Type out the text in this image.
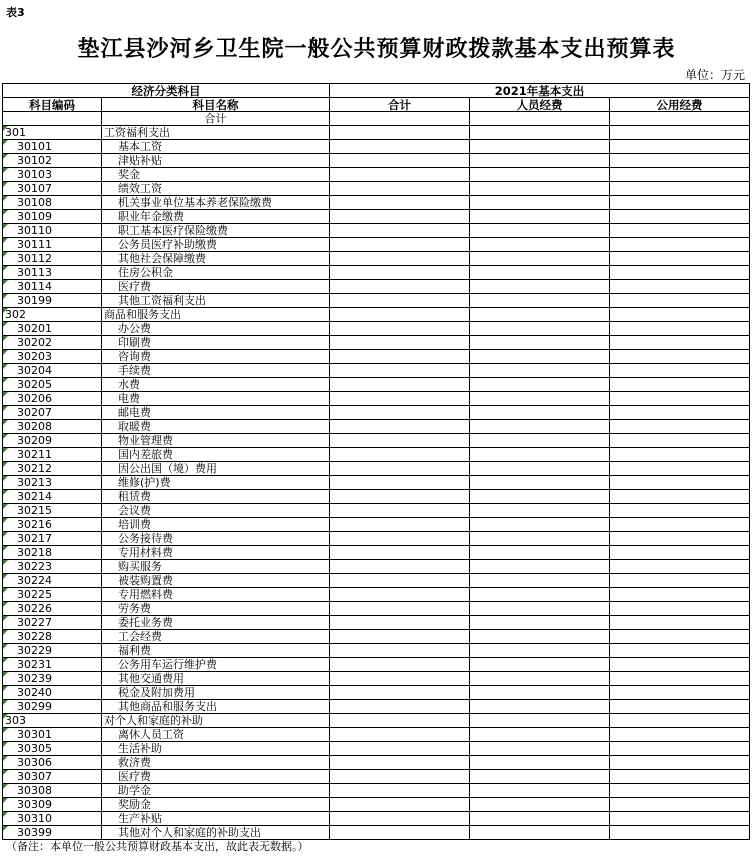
表3
垫江县沙河乡卫生院一般公共预算财政拨款基本支出预算表
单位：万元
经济分类科目		2021年基本支出		
科目编码	科目名称	合计	人员经费	公用经费
	合计			
301	工资福利支出			
30101	基本工资			
30102	津贴补贴			
30103	奖金			
30107	绩效工资			
30108	机关事业单位基本养老保险缴费			
30109	职业年金缴费			
30110	职工基本医疗保险缴费			
30111	公务员医疗补助缴费			
30112	其他社会保障缴费			
30113	住房公积金			
30114	医疗费			
30199	其他工资福利支出			
302	商品和服务支出			
30201	办公费			
30202	印刷费			
30203	咨询费			
30204	手续费			
30205	水费			
30206	电费			
30207	邮电费			
30208	取暖费			
30209	物业管理费			
30211	国内差旅费			
30212	因公出国（境）费用			
30213	维修(护)费			
30214	租赁费			
30215	会议费			
30216	培训费			
30217	公务接待费			
30218	专用材料费			
30223	购买服务			
30224	被装购置费			
30225	专用燃料费			
30226	劳务费			
30227	委托业务费			
30228	工会经费			
30229	福利费			
30231	公务用车运行维护费			
30239	其他交通费用			
30240	税金及附加费用			
30299	其他商品和服务支出			
303	对个人和家庭的补助			
30301	离休人员工资			
30305	生活补助			
30306	救济费			
30307	医疗费			
30308	助学金			
30309	奖励金			
30310	生产补贴			
30399	其他对个人和家庭的补助支出			
（备注：本单位一般公共预算财政基本支出，故此表无数据。）
